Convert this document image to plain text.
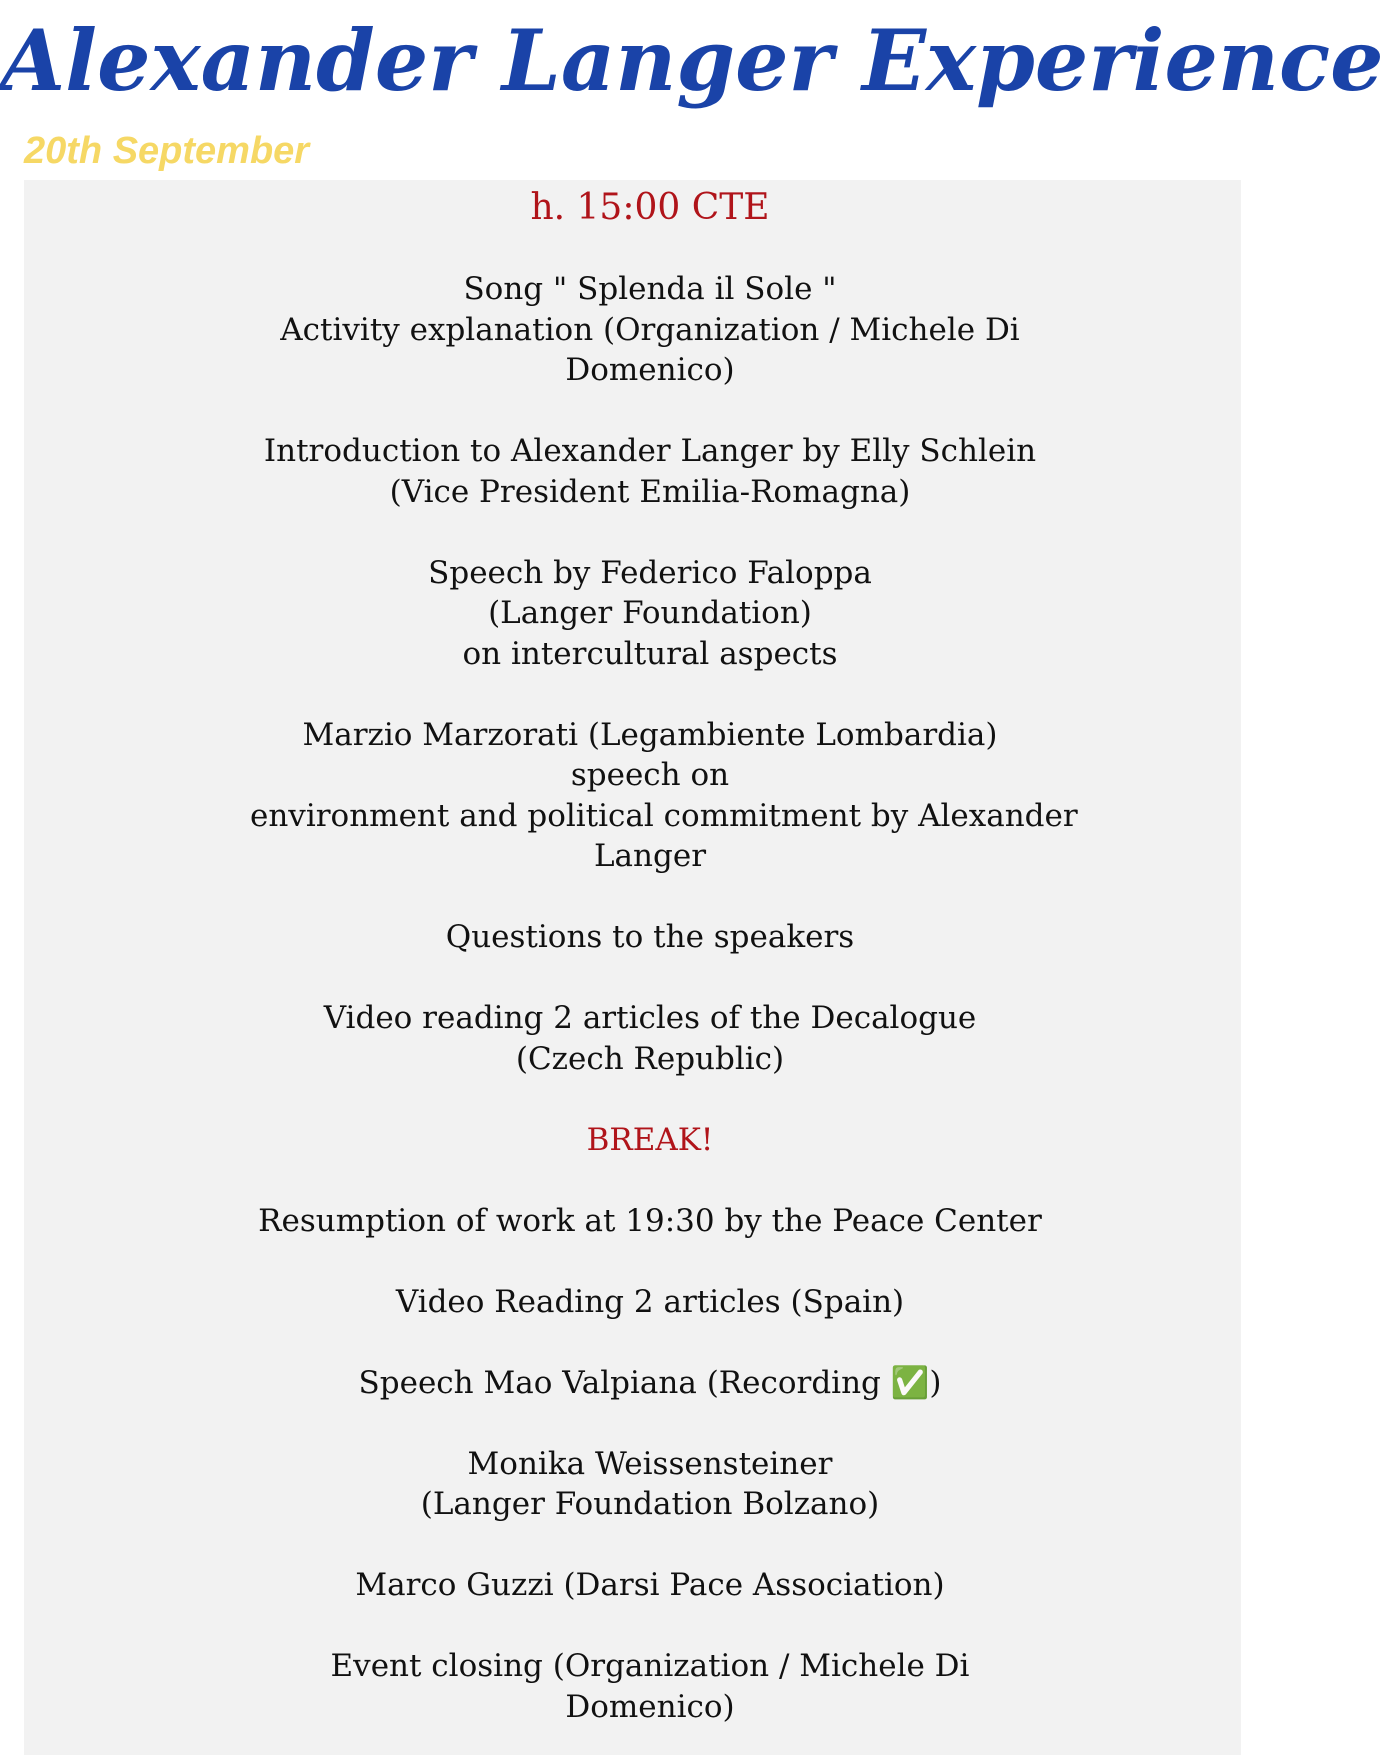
Alexander Langer Experience
20th September
h. 15:00 CTE
Song " Splenda il Sole "
Activity explanation (Organization / Michele Di
Domenico)
Introduction to Alexander Langer by Elly Schlein
(Vice President Emilia-Romagna)
Speech by Federico Faloppa
(Langer Foundation)
on intercultural aspects
Marzio Marzorati (Legambiente Lombardia)
speech on
environment and political commitment by Alexander
Langer
Questions to the speakers
Video reading 2 articles of the Decalogue
(Czech Republic)
BREAK!
Resumption of work at 19:30 by the Peace Center
Video Reading 2 articles (Spain)
Speech Mao Valpiana (Recording ✅)
Monika Weissensteiner
(Langer Foundation Bolzano)
Marco Guzzi (Darsi Pace Association)
Event closing (Organization / Michele Di
Domenico)
